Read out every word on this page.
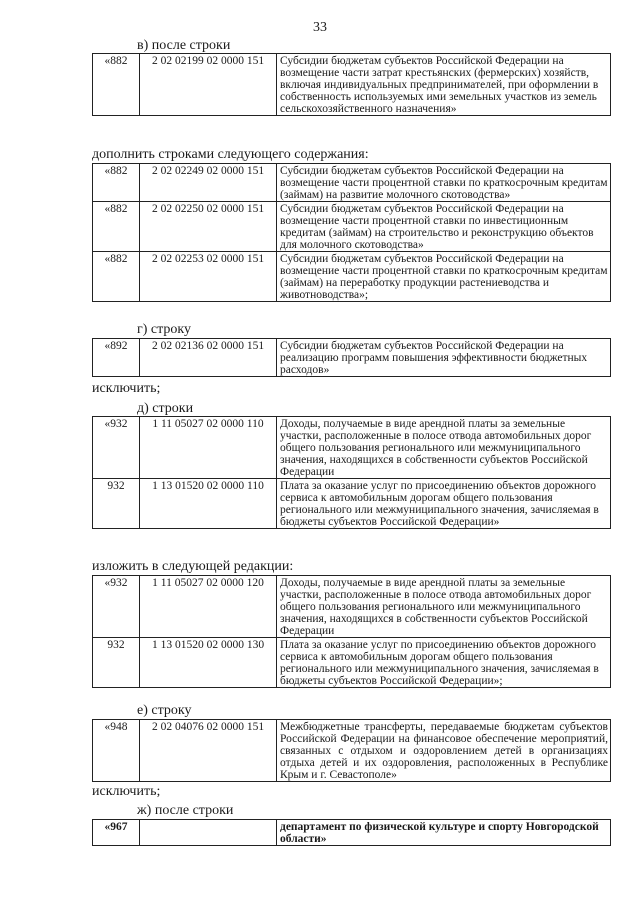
33
в) после строки
«882	2 02 02199 02 0000 151	Субсидии бюджетам субъектов Российской Федерации на возмещение части затрат крестьянских (фермерских) хозяйств, включая индивидуальных предпринимателей, при оформлении в собственность используемых ими земельных участков из земель сельскохозяйственного назначения»
дополнить строками следующего содержания:
«882	2 02 02249 02 0000 151	Субсидии бюджетам субъектов Российской Федерации на возмещение части процентной ставки по краткосрочным кредитам (займам) на развитие молочного скотоводства»
«882	2 02 02250 02 0000 151	Субсидии бюджетам субъектов Российской Федерации на возмещение части процентной ставки по инвестиционным кредитам (займам) на строительство и реконструкцию объектов для молочного скотоводства»
«882	2 02 02253 02 0000 151	Субсидии бюджетам субъектов Российской Федерации на возмещение части процентной ставки по краткосрочным кредитам (займам) на переработку продукции растениеводства и животноводства»;
г) строку
«892	2 02 02136 02 0000 151	Субсидии бюджетам субъектов Российской Федерации на реализацию программ повышения эффективности бюджетных расходов»
исключить;
д) строки
«932	1 11 05027 02 0000 110	Доходы, получаемые в виде арендной платы за земельные участки, расположенные в полосе отвода автомобильных дорог общего пользования регионального или межмуниципального значения, находящихся в собственности субъектов Российской Федерации
932	1 13 01520 02 0000 110	Плата за оказание услуг по присоединению объектов дорожного сервиса к автомобильным дорогам общего пользования регионального или межмуниципального значения, зачисляемая в бюджеты субъектов Российской Федерации»
изложить в следующей редакции:
«932	1 11 05027 02 0000 120	Доходы, получаемые в виде арендной платы за земельные участки, расположенные в полосе отвода автомобильных дорог общего пользования регионального или межмуниципального значения, находящихся в собственности субъектов Российской Федерации
932	1 13 01520 02 0000 130	Плата за оказание услуг по присоединению объектов дорожного сервиса к автомобильным дорогам общего пользования регионального или межмуниципального значения, зачисляемая в бюджеты субъектов Российской Федерации»;
е) строку
«948	2 02 04076 02 0000 151	Межбюджетные трансферты, передаваемые бюджетам субъектов Российской Федерации на финансовое обеспечение мероприятий, связанных с отдыхом и оздоровлением детей в организациях отдыха детей и их оздоровления, расположенных в Республике Крым и г. Севастополе»
исключить;
ж) после строки
«967		департамент по физической культуре и спорту Новгородской области»
